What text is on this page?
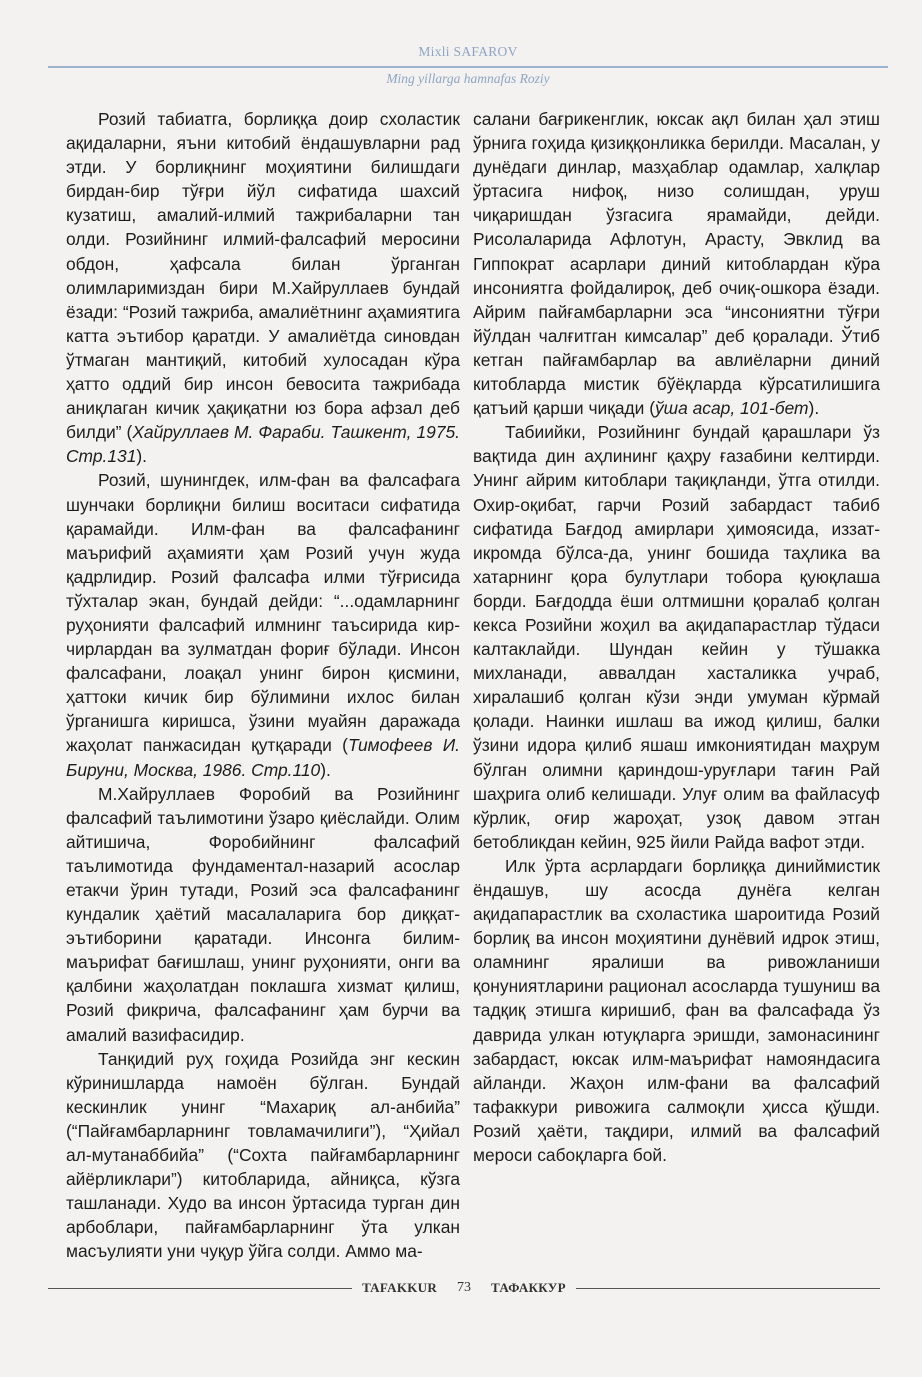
Mixli SAFAROV
Ming yillarga hamnafas Roziy

Розий табиатга, борлиққа доир схоластик ақидаларни, яъни китобий ёндашувларни рад этди. У борлиқнинг моҳиятини билишдаги бирдан-бир тўғри йўл сифатида шахсий кузатиш, амалий-илмий тажрибаларни тан олди. Розийнинг илмий-фалсафий меросини обдон, ҳафсала билан ўрганган олимларимиздан бири М.Хайруллаев бундай ёзади: “Розий тажриба, амалиётнинг аҳамиятига катта эътибор қаратди. У амалиётда синовдан ўтмаган мантиқий, китобий хулосадан кўра ҳатто оддий бир инсон бевосита тажрибада аниқлаган кичик ҳақиқатни юз бора афзал деб билди” (Хайруллаев М. Фараби. Ташкент, 1975. Стр.131).

Розий, шунингдек, илм-фан ва фалсафага шунчаки борлиқни билиш воситаси сифатида қарамайди. Илм-фан ва фалсафанинг маърифий аҳамияти ҳам Розий учун жуда қадрлидир. Розий фалсафа илми тўғрисида тўхталар экан, бундай дейди: “...одамларнинг руҳонияти фалсафий илмнинг таъсирида кир-чирлардан ва зулматдан фориғ бўлади. Инсон фалсафани, лоақал унинг бирон қисмини, ҳаттоки кичик бир бўлимини ихлос билан ўрганишга киришса, ўзини муайян даражада жаҳолат панжасидан қутқаради (Тимофеев И. Бируни, Москва, 1986. Стр.110).

М.Хайруллаев Форобий ва Розийнинг фалсафий таълимотини ўзаро қиёслайди. Олим айтишича, Форобийнинг фалсафий таълимотида фундаментал-назарий асослар етакчи ўрин тутади, Розий эса фалсафанинг кундалик ҳаётий масалаларига бор диққат-эътиборини қаратади. Инсонга билим-маърифат бағишлаш, унинг руҳонияти, онги ва қалбини жаҳолатдан поклашга хизмат қилиш, Розий фикрича, фалсафанинг ҳам бурчи ва амалий вазифасидир.

Танқидий руҳ гоҳида Розийда энг кескин кўринишларда намоён бўлган. Бундай кескинлик унинг “Махариқ ал-анбийа” (“Пайғамбарларнинг товламачилиги”), “Ҳийал ал-мутанаббийа” (“Сохта пайғамбарларнинг айёрликлари”) китобларида, айниқса, кўзга ташланади. Худо ва инсон ўртасида турган дин арбоблари, пайғамбарларнинг ўта улкан масъулияти уни чуқур ўйга солди. Аммо ма-

салани бағрикенглик, юксак ақл билан ҳал этиш ўрнига гоҳида қизиққонликка берилди. Масалан, у дунёдаги динлар, мазҳаблар одамлар, халқлар ўртасига нифоқ, низо солишдан, уруш чиқаришдан ўзгасига ярамайди, дейди. Рисолаларида Афлотун, Арасту, Эвклид ва Гиппократ асарлари диний китоблардан кўра инсониятга фойдалироқ, деб очиқ-ошкора ёзади. Айрим пайғамбарларни эса “инсониятни тўғри йўлдан чалғитган кимсалар” деб қоралади. Ўтиб кетган пайғамбарлар ва авлиёларни диний китобларда мистик бўёқларда кўрсатилишига қатъий қарши чиқади (ўша асар, 101-бет).

Табиийки, Розийнинг бундай қарашлари ўз вақтида дин аҳлининг қаҳру ғазабини келтирди. Унинг айрим китоблари тақиқланди, ўтга отилди. Охир-оқибат, гарчи Розий забардаст табиб сифатида Бағдод амирлари ҳимоясида, иззат-икромда бўлса-да, унинг бошида таҳлика ва хатарнинг қора булутлари тобора қуюқлаша борди. Бағдодда ёши олтмишни қоралаб қолган кекса Розийни жоҳил ва ақидапарастлар тўдаси калтаклайди. Шундан кейин у тўшакка михланади, аввалдан хасталикка учраб, хиралашиб қолган кўзи энди умуман кўрмай қолади. Наинки ишлаш ва ижод қилиш, балки ўзини идора қилиб яшаш имкониятидан маҳрум бўлган олимни қариндош-уруғлари тағин Рай шаҳрига олиб келишади. Улуғ олим ва файласуф кўрлик, оғир жароҳат, узоқ давом этган бетобликдан кейин, 925 йили Райда вафот этди.

Илк ўрта асрлардаги борлиққа диниймистик ёндашув, шу асосда дунёга келган ақидапарастлик ва схоластика шароитида Розий борлиқ ва инсон моҳиятини дунёвий идрок этиш, оламнинг яралиши ва ривожланиши қонуниятларини рационал асосларда тушуниш ва тадқиқ этишга киришиб, фан ва фалсафада ўз даврида улкан ютуқларга эришди, замонасининг забардаст, юксак илм-маърифат намояндасига айланди. Жаҳон илм-фани ва фалсафий тафаккури ривожига салмоқли ҳисса қўшди. Розий ҳаёти, тақдири, илмий ва фалсафий мероси сабоқларга бой.

TAFAKKUR 73 ТАФАККУР
